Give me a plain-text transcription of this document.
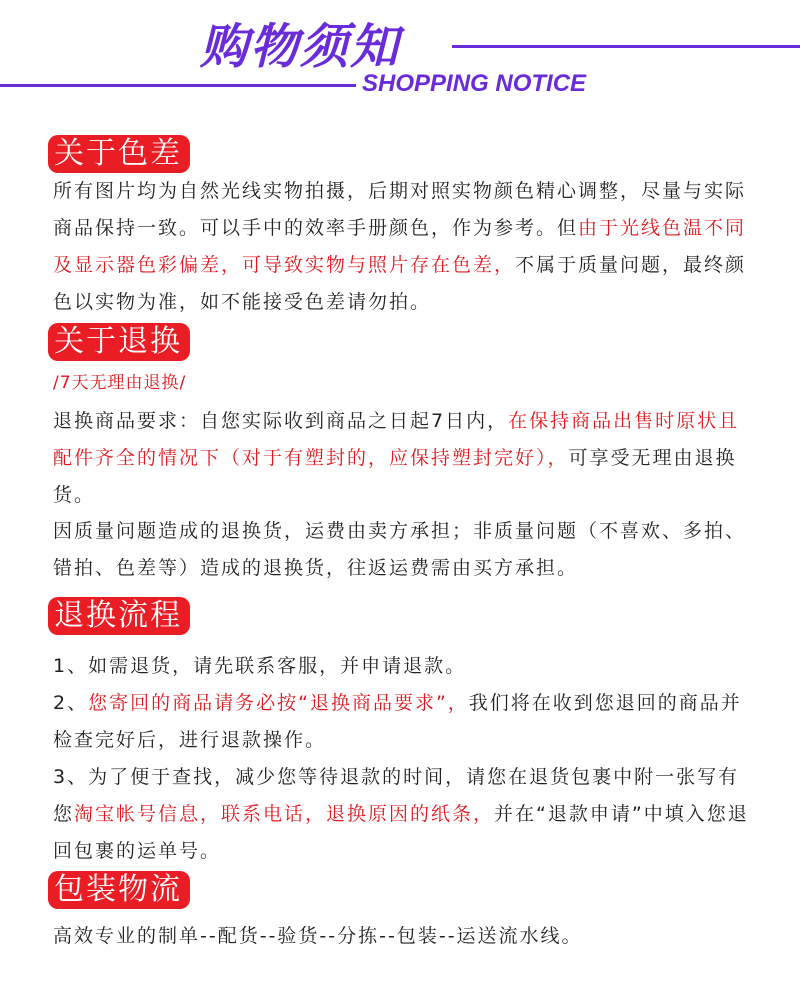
购物须知
SHOPPING NOTICE
关于色差

所有图片均为自然光线实物拍摄，后期对照实物颜色精心调整，尽量与实际商品保持一致。可以手中的效率手册颜色，作为参考。但由于光线色温不同及显示器色彩偏差，可导致实物与照片存在色差，不属于质量问题，最终颜色以实物为准，如不能接受色差请勿拍。

关于退换
/7天无理由退换/

退换商品要求：自您实际收到商品之日起7日内，在保持商品出售时原状且配件齐全的情况下（对于有塑封的，应保持塑封完好），可享受无理由退换货。

因质量问题造成的退换货，运费由卖方承担；非质量问题（不喜欢、多拍、错拍、色差等）造成的退换货，往返运费需由买方承担。

退换流程

1、如需退货，请先联系客服，并申请退款。

2、您寄回的商品请务必按“退换商品要求”，我们将在收到您退回的商品并检查完好后，进行退款操作。

3、为了便于查找，减少您等待退款的时间，请您在退货包裹中附一张写有您淘宝帐号信息，联系电话，退换原因的纸条，并在“退款申请”中填入您退回包裹的运单号。

包装物流

高效专业的制单--配货--验货--分拣--包装--运送流水线。
